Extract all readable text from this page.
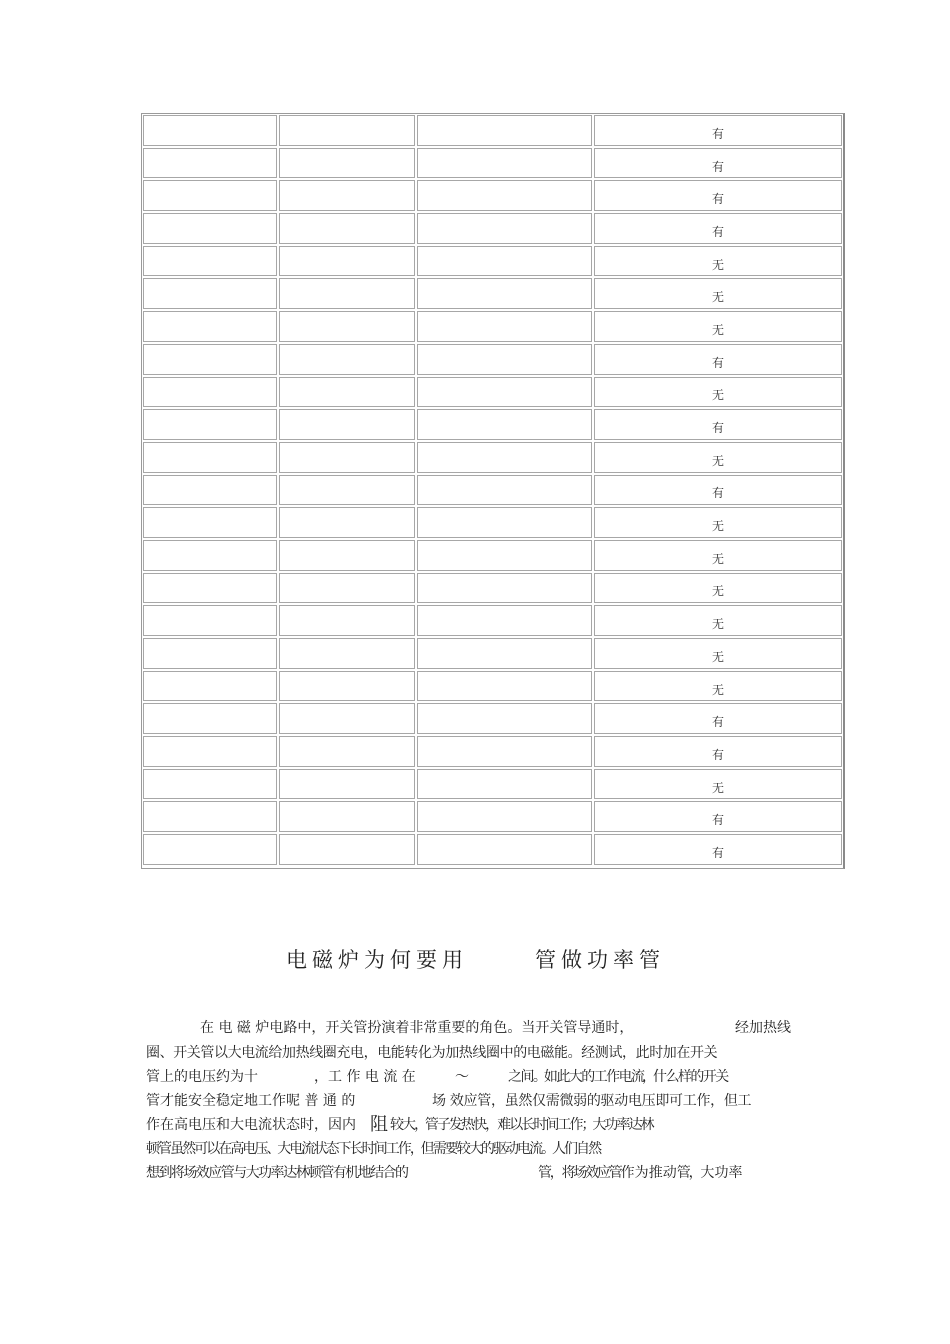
有
有
有
有
无
无
无
有
无
有
无
有
无
无
无
无
无
无
有
有
无
有
有
电磁炉为何要用	管做功率管
在 电 磁 炉电路中，开关管扮演着非常重要的角色。当开关管导通时，	经加热线
圈、开关管以大电流给加热线圈充电，电能转化为加热线圈中的电磁能。经测试，此时加在开关
管上的电压约为十	，工 作 电 流 在	～	之 间 。如 此 大 的 工 作 电 流，什 么 样 的 开 关
管才能安全稳定地工作呢 普 通 的	场 效应管，虽然仅需微弱的驱动电压即可工作，但工
作在高电压和大电流状态时，因内 阻 较 大 ，管 子 发 热 快 ， 难 以 长 时 间 工 作 ；大 功 率 达 林
顿 管 虽 然 可 以 在 高 电 压 、大 电 流 状 态 下 长 时 间 工 作 ，但 需 要 较 大 的 驱 动 电 流 。人 们 自 然
想 到 将 场 效 应 管 与 大 功 率 达 林 顿 管 有 机 地 结 合 的	管，将场效应管作 为 推 动 管，大 功 率
